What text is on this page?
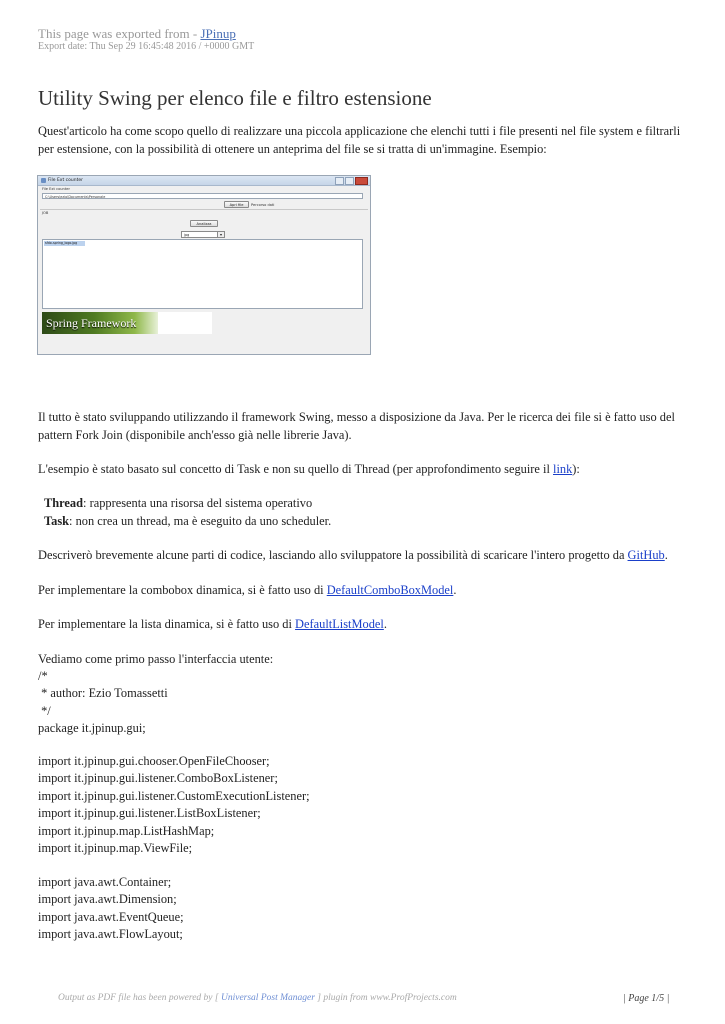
This page was exported from - JPinup
Export date: Thu Sep 29 16:45:48 2016 / +0000 GMT
Utility Swing per elenco file e filtro estensione

Quest'articolo ha come scopo quello di realizzare una piccola applicazione che elenchi tutti i file presenti nel file system e filtrarli per estensione, con la possibilità di ottenere un anteprima del file se si tratta di un'immagine. Esempio:

File Ext counter
File Ext counter
C:\Users\ezio\Documents\Personale
Apri file	Percorso dati
JOB
Analizza
jpg	▾
sfdo-spring_logo.jpg
Spring Framework

Il tutto è stato sviluppando utilizzando il framework Swing, messo a disposizione da Java. Per le ricerca dei file si è fatto uso del pattern Fork Join (disponibile anch'esso già nelle librerie Java).

L'esempio è stato basato sul concetto di Task e non su quello di Thread (per approfondimento seguire il link):

Thread: rappresenta una risorsa del sistema operativo
Task: non crea un thread, ma è eseguito da uno scheduler.

Descriverò brevemente alcune parti di codice, lasciando allo sviluppatore la possibilità di scaricare l'intero progetto da GitHub.

Per implementare la combobox dinamica, si è fatto uso di DefaultComboBoxModel.

Per implementare la lista dinamica, si è fatto uso di DefaultListModel.

Vediamo come primo passo l'interfaccia utente:

/*
* author: Ezio Tomassetti
*/
package it.jpinup.gui;
import it.jpinup.gui.chooser.OpenFileChooser;
import it.jpinup.gui.listener.ComboBoxListener;
import it.jpinup.gui.listener.CustomExecutionListener;
import it.jpinup.gui.listener.ListBoxListener;
import it.jpinup.map.ListHashMap;
import it.jpinup.map.ViewFile;
import java.awt.Container;
import java.awt.Dimension;
import java.awt.EventQueue;
import java.awt.FlowLayout;
Output as PDF file has been powered by [ Universal Post Manager ] plugin from www.ProfProjects.com	| Page 1/5 |
